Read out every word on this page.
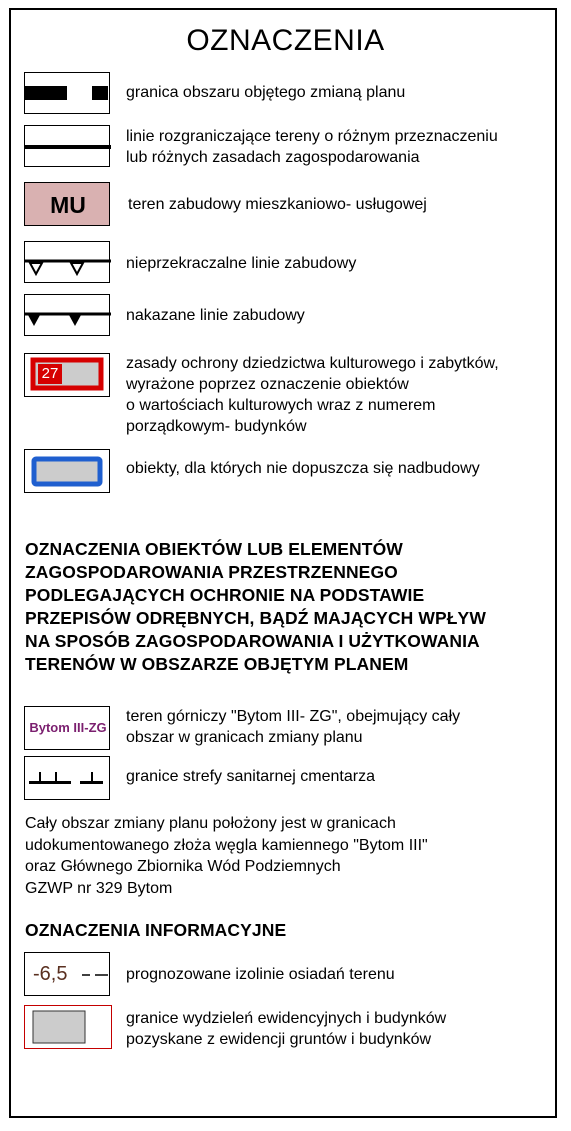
OZNACZENIA
granica obszaru objętego zmianą planu
linie rozgraniczające tereny o różnym przeznaczeniu
lub różnych zasadach zagospodarowania
MU	teren zabudowy mieszkaniowo- usługowej
nieprzekraczalne linie zabudowy
nakazane linie zabudowy
27
zasady ochrony dziedzictwa kulturowego i zabytków,
wyrażone poprzez oznaczenie obiektów
o wartościach kulturowych wraz z numerem
porządkowym- budynków
obiekty, dla których nie dopuszcza się nadbudowy
OZNACZENIA OBIEKTÓW LUB ELEMENTÓW
ZAGOSPODAROWANIA PRZESTRZENNEGO
PODLEGAJĄCYCH OCHRONIE NA PODSTAWIE
PRZEPISÓW ODRĘBNYCH, BĄDŹ MAJĄCYCH WPŁYW
NA SPOSÓB ZAGOSPODAROWANIA I UŻYTKOWANIA
TERENÓW W OBSZARZE OBJĘTYM PLANEM
Bytom III-ZG
teren górniczy "Bytom III- ZG", obejmujący cały
obszar w granicach zmiany planu
granice strefy sanitarnej cmentarza
Cały obszar zmiany planu położony jest w granicach
udokumentowanego złoża węgla kamiennego "Bytom III"
oraz Głównego Zbiornika Wód Podziemnych
GZWP nr 329 Bytom
OZNACZENIA INFORMACYJNE
-6,5	prognozowane izolinie osiadań terenu
granice wydzieleń ewidencyjnych i budynków
pozyskane z ewidencji gruntów i budynków
